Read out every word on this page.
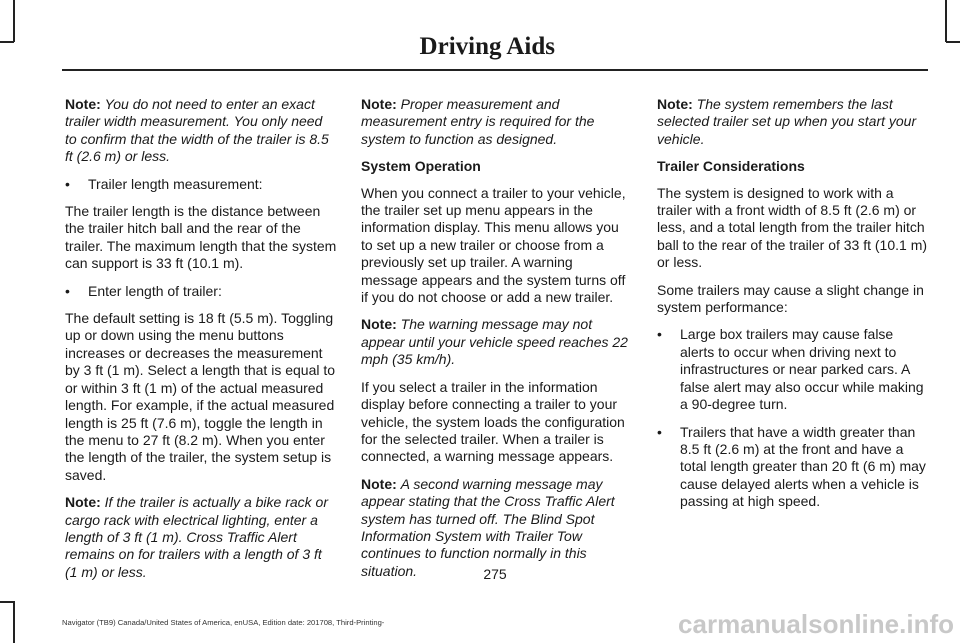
Driving Aids

Note: You do not need to enter an exact trailer width measurement. You only need to confirm that the width of the trailer is 8.5 ft (2.6 m) or less.

• Trailer length measurement:

The trailer length is the distance between the trailer hitch ball and the rear of the trailer. The maximum length that the system can support is 33 ft (10.1 m).

• Enter length of trailer:

The default setting is 18 ft (5.5 m). Toggling up or down using the menu buttons increases or decreases the measurement by 3 ft (1 m). Select a length that is equal to or within 3 ft (1 m) of the actual measured length. For example, if the actual measured length is 25 ft (7.6 m), toggle the length in the menu to 27 ft (8.2 m). When you enter the length of the trailer, the system setup is saved.

Note: If the trailer is actually a bike rack or cargo rack with electrical lighting, enter a length of 3 ft (1 m). Cross Traffic Alert remains on for trailers with a length of 3 ft (1 m) or less.

Note: Proper measurement and measurement entry is required for the system to function as designed.

System Operation

When you connect a trailer to your vehicle, the trailer set up menu appears in the information display. This menu allows you to set up a new trailer or choose from a previously set up trailer. A warning message appears and the system turns off if you do not choose or add a new trailer.

Note: The warning message may not appear until your vehicle speed reaches 22 mph (35 km/h).

If you select a trailer in the information display before connecting a trailer to your vehicle, the system loads the configuration for the selected trailer. When a trailer is connected, a warning message appears.

Note: A second warning message may appear stating that the Cross Traffic Alert system has turned off. The Blind Spot Information System with Trailer Tow continues to function normally in this situation.

Note: The system remembers the last selected trailer set up when you start your vehicle.

Trailer Considerations

The system is designed to work with a trailer with a front width of 8.5 ft (2.6 m) or less, and a total length from the trailer hitch ball to the rear of the trailer of 33 ft (10.1 m) or less.

Some trailers may cause a slight change in system performance:

• Large box trailers may cause false alerts to occur when driving next to infrastructures or near parked cars. A false alert may also occur while making a 90-degree turn.

• Trailers that have a width greater than 8.5 ft (2.6 m) at the front and have a total length greater than 20 ft (6 m) may cause delayed alerts when a vehicle is passing at high speed.

275
Navigator (TB9) Canada/United States of America, enUSA, Edition date: 201708, Third-Printing-	carmanualsonline.info
